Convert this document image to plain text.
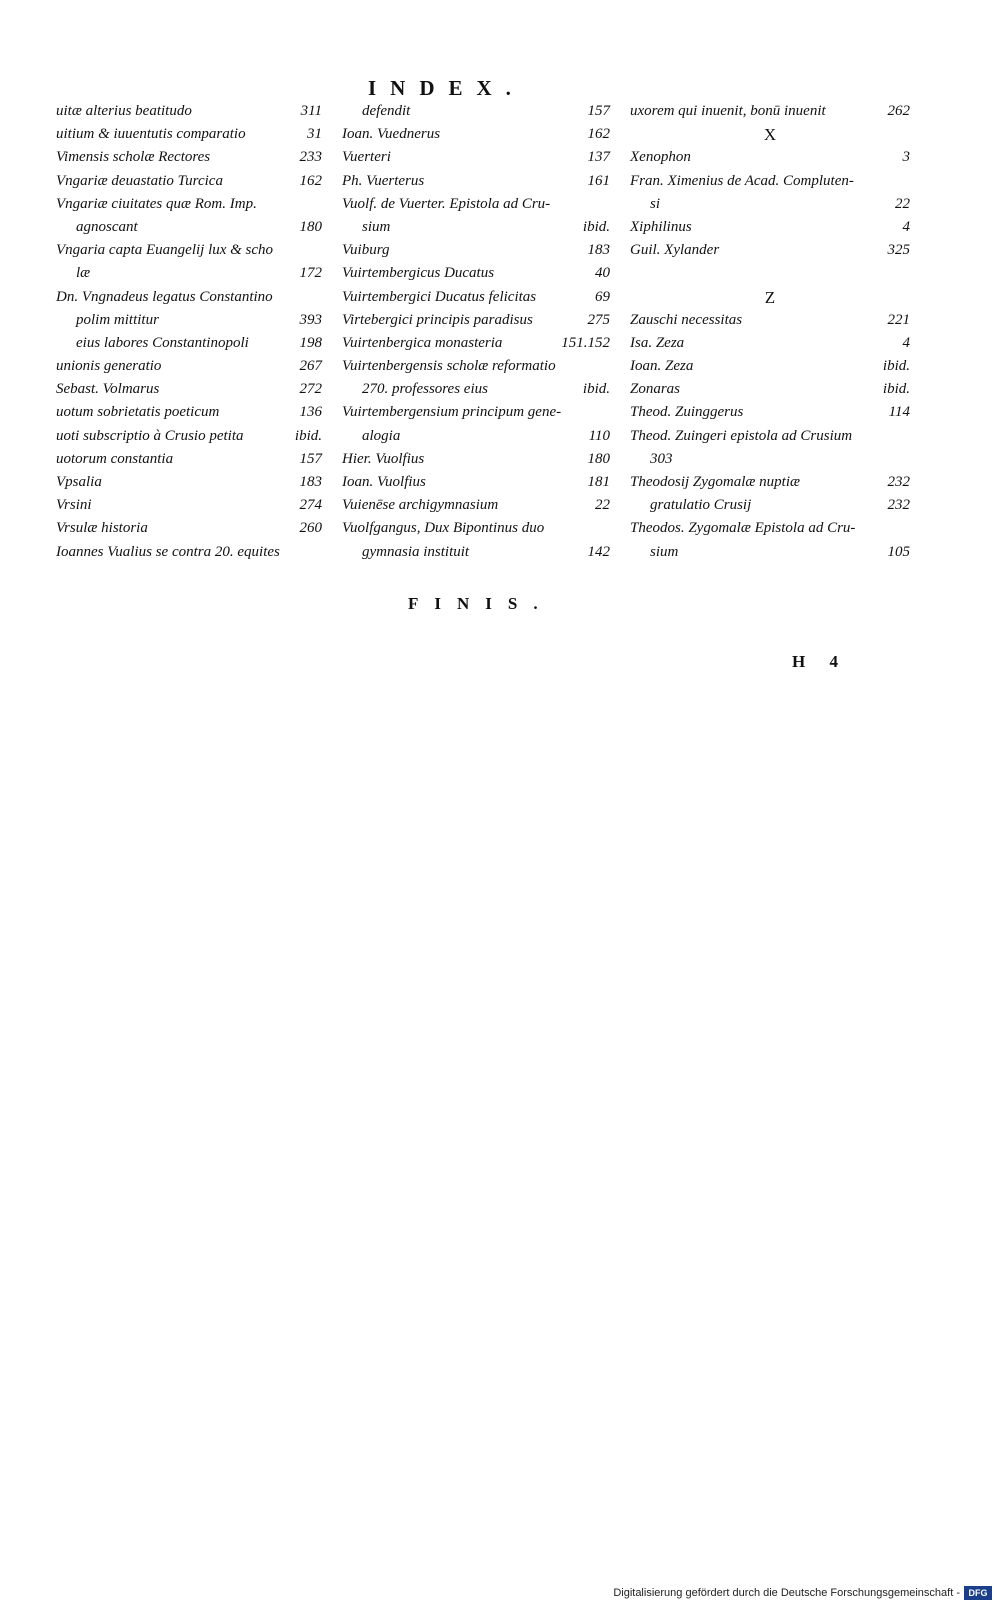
INDEX.
uitæ alterius beatitudo	311
uitium & iuuentutis comparatio	31
Vimensis scholæ Rectores	233
Vngariæ deuastatio Turcica	162
Vngariæ ciuitates quæ Rom. Imp.
agnoscant	180
Vngaria capta Euangelij lux & scho
læ	172
Dn. Vngnadeus legatus Constantino
polim mittitur	393
eius labores Constantinopoli	198
unionis generatio	267
Sebast. Volmarus	272
uotum sobrietatis poeticum	136
uoti subscriptio à Crusio petita	ibid.
uotorum constantia	157
Vpsalia	183
Vrsini	274
Vrsulæ historia	260
Ioannes Vualius se contra 20. equites
defendit	157
Ioan. Vuednerus	162
Vuerteri	137
Ph. Vuerterus	161
Vuolf. de Vuerter. Epistola ad Cru-
sium	ibid.
Vuiburg	183
Vuirtembergicus Ducatus	40
Vuirtembergici Ducatus felicitas	69
Virtebergici principis paradisus	275
Vuirtenbergica monasteria	151.152
Vuirtenbergensis scholæ reformatio
270. professores eius	ibid.
Vuirtembergensium principum gene-
alogia	110
Hier. Vuolfius	180
Ioan. Vuolfius	181
Vuienēse archigymnasium	22
Vuolfgangus, Dux Bipontinus duo
gymnasia instituit	142
uxorem qui inuenit, bonū inuenit	262
X
Xenophon	3
Fran. Ximenius de Acad. Compluten-
si	22
Xiphilinus	4
Guil. Xylander	325
Z
Zauschi necessitas	221
Isa. Zeza	4
Ioan. Zeza	ibid.
Zonaras	ibid.
Theod. Zuinggerus	114
Theod. Zuingeri epistola ad Crusium
303
Theodosij Zygomalæ nuptiæ	232
gratulatio Crusij	232
Theodos. Zygomalæ Epistola ad Cru-
sium	105
FINIS.
H 4
Digitalisierung gefördert durch die Deutsche Forschungsgemeinschaft - DFG
